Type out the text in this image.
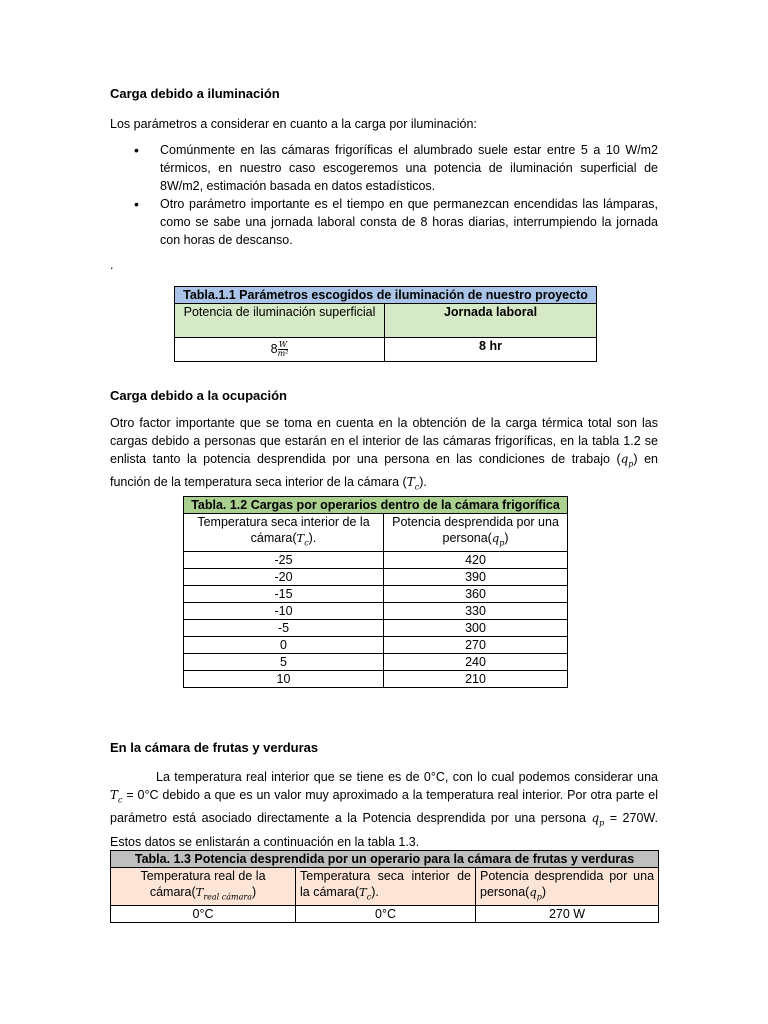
Carga debido a iluminación
Los parámetros a considerar en cuanto a la carga por iluminación:
• Comúnmente en las cámaras frigoríficas el alumbrado suele estar entre 5 a 10 W/m2 térmicos, en nuestro caso escogeremos una potencia de iluminación superficial de 8W/m2, estimación basada en datos estadísticos.
• Otro parámetro importante es el tiempo en que permanezcan encendidas las lámparas, como se sabe una jornada laboral consta de 8 horas diarias, interrumpiendo la jornada con horas de descanso.
.
Tabla.1.1 Parámetros escogidos de iluminación de nuestro proyecto	
Potencia de iluminación superficial	Jornada laboral
$8 \frac{W}{\text{m²}}$	8 hr
Carga debido a la ocupación
Otro factor importante que se toma en cuenta en la obtención de la carga térmica total son las cargas debido a personas que estarán en el interior de las cámaras frigoríficas, en la tabla 1.2 se enlista tanto la potencia desprendida por una persona en las condiciones de trabajo $(q_p)$ en función de la temperatura seca interior de la cámara $(T_c)$.
Tabla. 1.2 Cargas por operarios dentro de la cámara frigorífica	
Temperatura seca interior de la $cámara(T_c)$.	Potencia desprendida por una $persona(q_p)$
-25	420
-20	390
-15	360
-10	330
-5	300
0	270
5	240
10	210
En la cámara de frutas y verduras
La temperatura real interior que se tiene es de 0°C, con lo cual podemos considerar una $T_c = 0^\circ C$ debido a que es un valor muy aproximado a la temperatura real interior. Por otra parte el parámetro está asociado directamente a la Potencia desprendida por una persona $q_p = 270W$. Estos datos se enlistarán a continuación en la tabla 1.3.
Tabla. 1.3 Potencia desprendida por un operario para la cámara de frutas y verduras		
Temperatura real de la $cámara(T_{real cámara})$	Temperatura seca interior de la $cámara(T_c)$.	Potencia desprendida por una $persona(q_p)$
0°C	0°C	270 W
